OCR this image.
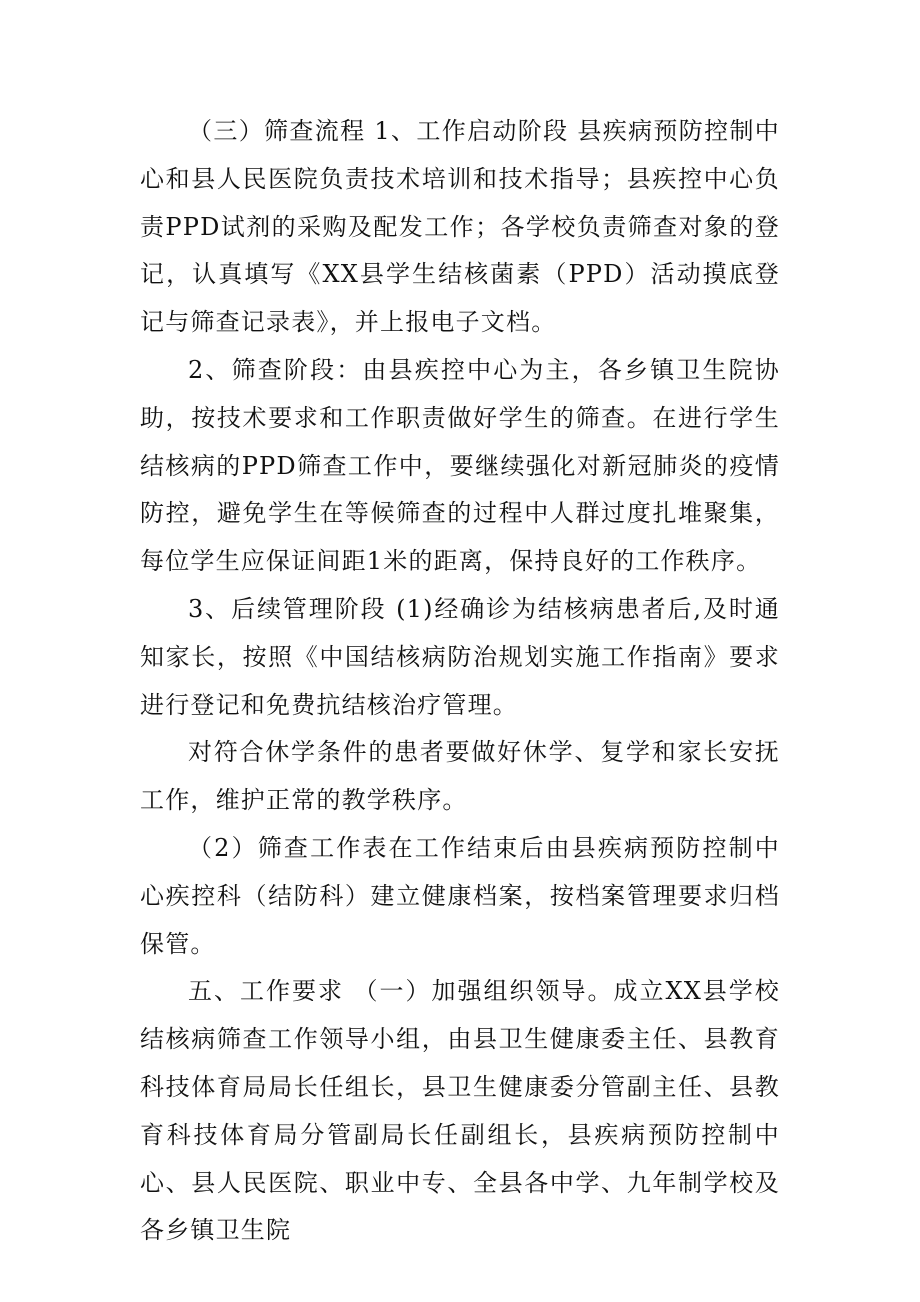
（三）筛查流程 1、工作启动阶段 县疾病预防控制中心和县人民医院负责技术培训和技术指导；县疾控中心负责PPD试剂的采购及配发工作；各学校负责筛查对象的登记，认真填写《XX县学生结核菌素（PPD）活动摸底登记与筛查记录表》，并上报电子文档。

2、筛查阶段：由县疾控中心为主，各乡镇卫生院协助，按技术要求和工作职责做好学生的筛查。在进行学生结核病的PPD筛查工作中，要继续强化对新冠肺炎的疫情防控，避免学生在等候筛查的过程中人群过度扎堆聚集，每位学生应保证间距1米的距离，保持良好的工作秩序。

3、后续管理阶段 (1)经确诊为结核病患者后,及时通知家长，按照《中国结核病防治规划实施工作指南》要求进行登记和免费抗结核治疗管理。

对符合休学条件的患者要做好休学、复学和家长安抚工作，维护正常的教学秩序。

（2）筛查工作表在工作结束后由县疾病预防控制中心疾控科（结防科）建立健康档案，按档案管理要求归档保管。

五、工作要求 （一）加强组织领导。成立XX县学校结核病筛查工作领导小组，由县卫生健康委主任、县教育科技体育局局长任组长，县卫生健康委分管副主任、县教育科技体育局分管副局长任副组长，县疾病预防控制中心、县人民医院、职业中专、全县各中学、九年制学校及各乡镇卫生院
